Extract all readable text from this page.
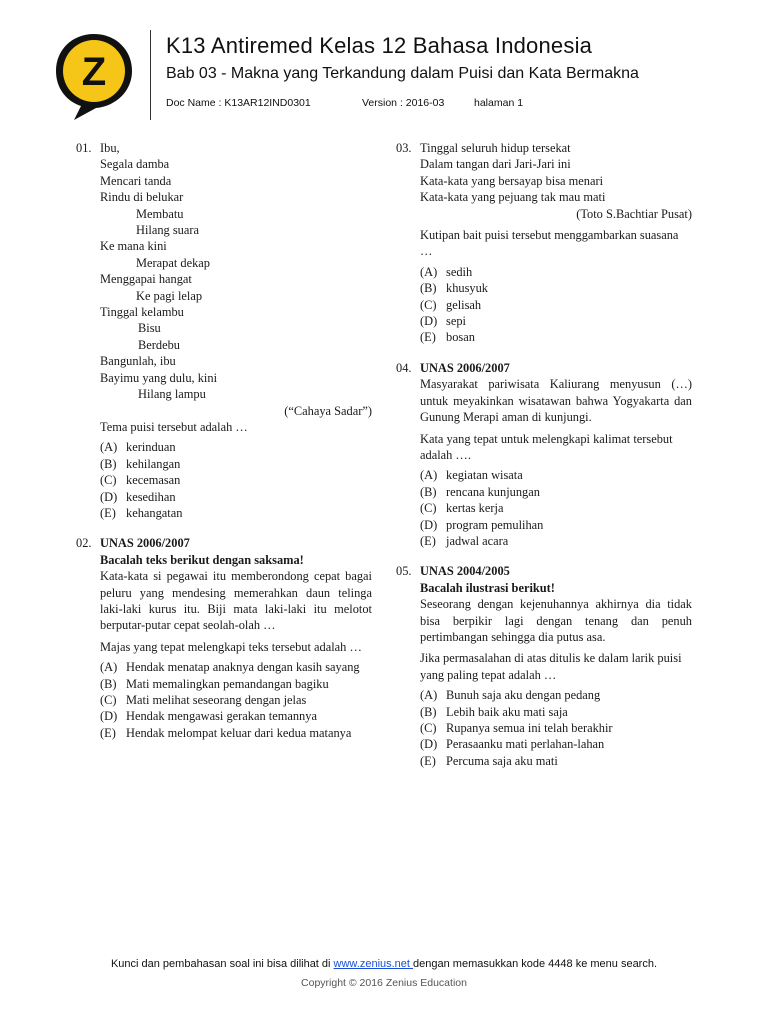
Z
K13 Antiremed Kelas 12 Bahasa Indonesia
Bab 03 - Makna yang Terkandung dalam Puisi dan Kata Bermakna
Doc Name : K13AR12IND0301	Version : 2016-03	halaman 1
01. Ibu,
Segala damba
Mencari tanda
Rindu di belukar
Membatu
Hilang suara
Ke mana kini
Merapat dekap
Menggapai hangat
Ke pagi lelap
Tinggal kelambu
Bisu
Berdebu
Bangunlah, ibu
Bayimu yang dulu, kini
Hilang lampu
(“Cahaya Sadar”)
Tema puisi tersebut adalah …
(A) kerinduan
(B) kehilangan
(C) kecemasan
(D) kesedihan
(E) kehangatan
02. UNAS 2006/2007
Bacalah teks berikut dengan saksama!
Kata-kata si pegawai itu memberondong cepat bagai peluru yang mendesing memerahkan daun telinga laki-laki kurus itu. Biji mata laki-laki itu melotot berputar-putar cepat seolah-olah …
Majas yang tepat melengkapi teks tersebut adalah …
(A) Hendak menatap anaknya dengan kasih sayang
(B) Mati memalingkan pemandangan bagiku
(C) Mati melihat seseorang dengan jelas
(D) Hendak mengawasi gerakan temannya
(E) Hendak melompat keluar dari kedua matanya
03. Tinggal seluruh hidup tersekat
Dalam tangan dari Jari-Jari ini
Kata-kata yang bersayap bisa menari
Kata-kata yang pejuang tak mau mati
(Toto S.Bachtiar Pusat)
Kutipan bait puisi tersebut menggambarkan suasana …
(A) sedih
(B) khusyuk
(C) gelisah
(D) sepi
(E) bosan
04. UNAS 2006/2007
Masyarakat pariwisata Kaliurang menyusun (…) untuk meyakinkan wisatawan bahwa Yogyakarta dan Gunung Merapi aman di kunjungi.
Kata yang tepat untuk melengkapi kalimat tersebut adalah ….
(A) kegiatan wisata
(B) rencana kunjungan
(C) kertas kerja
(D) program pemulihan
(E) jadwal acara
05. UNAS 2004/2005
Bacalah ilustrasi berikut!
Seseorang dengan kejenuhannya akhirnya dia tidak bisa berpikir lagi dengan tenang dan penuh pertimbangan sehingga dia putus asa.
Jika permasalahan di atas ditulis ke dalam larik puisi yang paling tepat adalah …
(A) Bunuh saja aku dengan pedang
(B) Lebih baik aku mati saja
(C) Rupanya semua ini telah berakhir
(D) Perasaanku mati perlahan-lahan
(E) Percuma saja aku mati
Kunci dan pembahasan soal ini bisa dilihat di www.zenius.net dengan memasukkan kode 4448 ke menu search.
Copyright © 2016 Zenius Education
